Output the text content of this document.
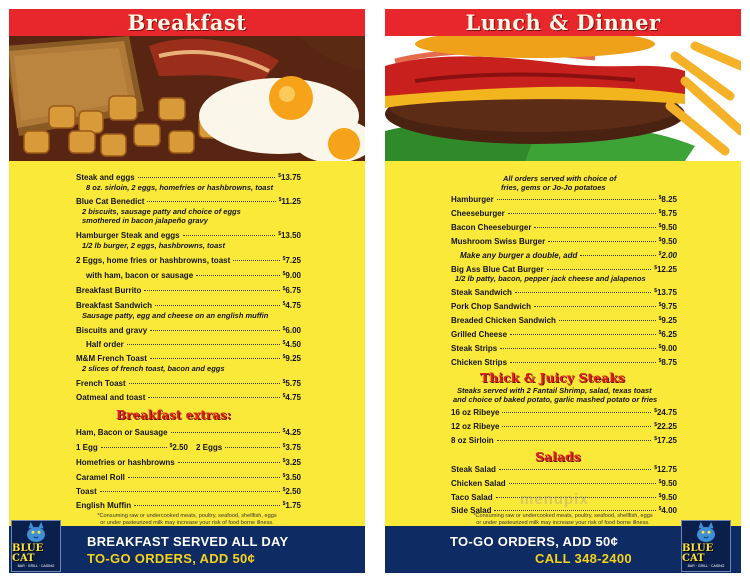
Breakfast
Steak and eggs	$13.75
8 oz. sirloin, 2 eggs, homefries or hashbrowns, toast
Blue Cat Benedict	$11.25
2 biscuits, sausage patty and choice of eggs
smothered in bacon jalapeño gravy
Hamburger Steak and eggs	$13.50
1/2 lb burger, 2 eggs, hashbrowns, toast
2 Eggs, home fries or hashbrowns, toast	$7.25
with ham, bacon or sausage	$9.00
Breakfast Burrito	$6.75
Breakfast Sandwich	$4.75
Sausage patty, egg and cheese on an english muffin
Biscuits and gravy	$6.00
Half order	$4.50
M&M French Toast	$9.25
2 slices of french toast, bacon and eggs
French Toast	$5.75
Oatmeal and toast	$4.75
Breakfast extras:
Ham, Bacon or Sausage	$4.25
1 Egg	$2.50 2 Eggs	$3.75
Homefries or hashbrowns	$3.25
Caramel Roll	$3.50
Toast	$2.50
English Muffin	$1.75
*Consuming raw or undercooked meats, poultry, seafood, shellfish, eggs
or under pasteurized milk may increase your risk of food borne illness.
BLUE CAT
BAR · GRILL · CASINO
BREAKFAST SERVED ALL DAY
TO-GO ORDERS, ADD 50¢
Lunch & Dinner
All orders served with choice of
fries, gems or Jo-Jo potatoes
Hamburger	$8.25
Cheeseburger	$8.75
Bacon Cheeseburger	$9.50
Mushroom Swiss Burger	$9.50
Make any burger a double, add	$2.00
Big Ass Blue Cat Burger	$12.25
1/2 lb patty, bacon, pepper jack cheese and jalapenos
Steak Sandwich	$13.75
Pork Chop Sandwich	$9.75
Breaded Chicken Sandwich	$9.25
Grilled Cheese	$6.25
Steak Strips	$9.00
Chicken Strips	$8.75
Thick & Juicy Steaks
Steaks served with 2 Fantail Shrimp, salad, texas toast
and choice of baked potato, garlic mashed potato or fries
16 oz Ribeye	$24.75
12 oz Ribeye	$22.25
8 oz Sirloin	$17.25
Salads
Steak Salad	$12.75
Chicken Salad	$9.50
Taco Salad	$9.50
Side Salad	$4.00
menupix
*Consuming raw or undercooked meats, poultry, seafood, shellfish, eggs
or under pasteurized milk may increase your risk of food borne illness.
TO-GO ORDERS, ADD 50¢
CALL 348-2400
BLUE CAT
BAR · GRILL · CASINO
